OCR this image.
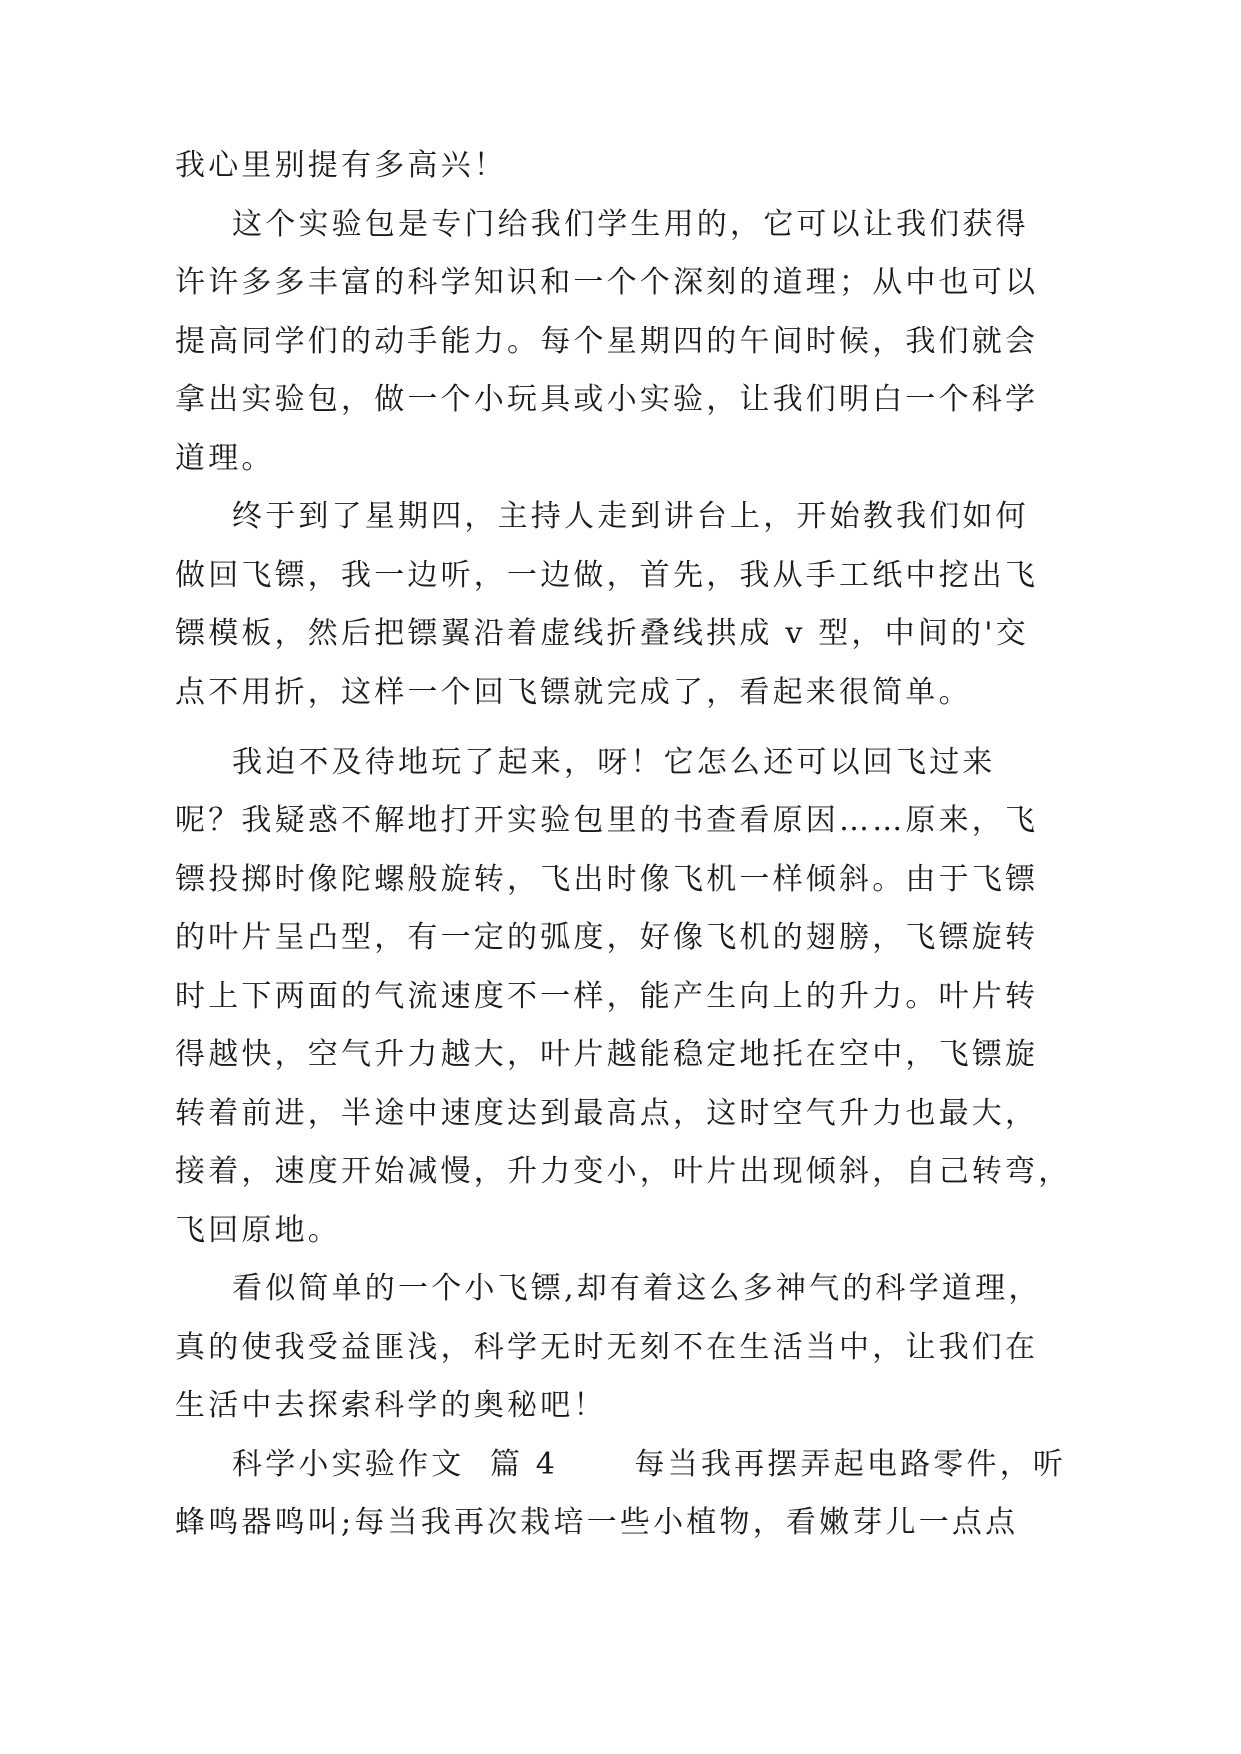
我心里别提有多高兴！
这个实验包是专门给我们学生用的，它可以让我们获得
许许多多丰富的科学知识和一个个深刻的道理；从中也可以
提高同学们的动手能力。每个星期四的午间时候，我们就会
拿出实验包，做一个小玩具或小实验，让我们明白一个科学
道理。
终于到了星期四，主持人走到讲台上，开始教我们如何
做回飞镖，我一边听，一边做，首先，我从手工纸中挖出飞
镖模板，然后把镖翼沿着虚线折叠线拱成 v 型，中间的'交
点不用折，这样一个回飞镖就完成了，看起来很简单。
我迫不及待地玩了起来，呀！它怎么还可以回飞过来
呢？我疑惑不解地打开实验包里的书查看原因……原来，飞
镖投掷时像陀螺般旋转，飞出时像飞机一样倾斜。由于飞镖
的叶片呈凸型，有一定的弧度，好像飞机的翅膀，飞镖旋转
时上下两面的气流速度不一样，能产生向上的升力。叶片转
得越快，空气升力越大，叶片越能稳定地托在空中，飞镖旋
转着前进，半途中速度达到最高点，这时空气升力也最大，
接着，速度开始减慢，升力变小，叶片出现倾斜，自己转弯，
飞回原地。
看似简单的一个小飞镖,却有着这么多神气的科学道理，
真的使我受益匪浅，科学无时无刻不在生活当中，让我们在
生活中去探索科学的奥秘吧！
科学小实验作文  篇 4      每当我再摆弄起电路零件，听
蜂鸣器鸣叫;每当我再次栽培一些小植物，看嫩芽儿一点点
